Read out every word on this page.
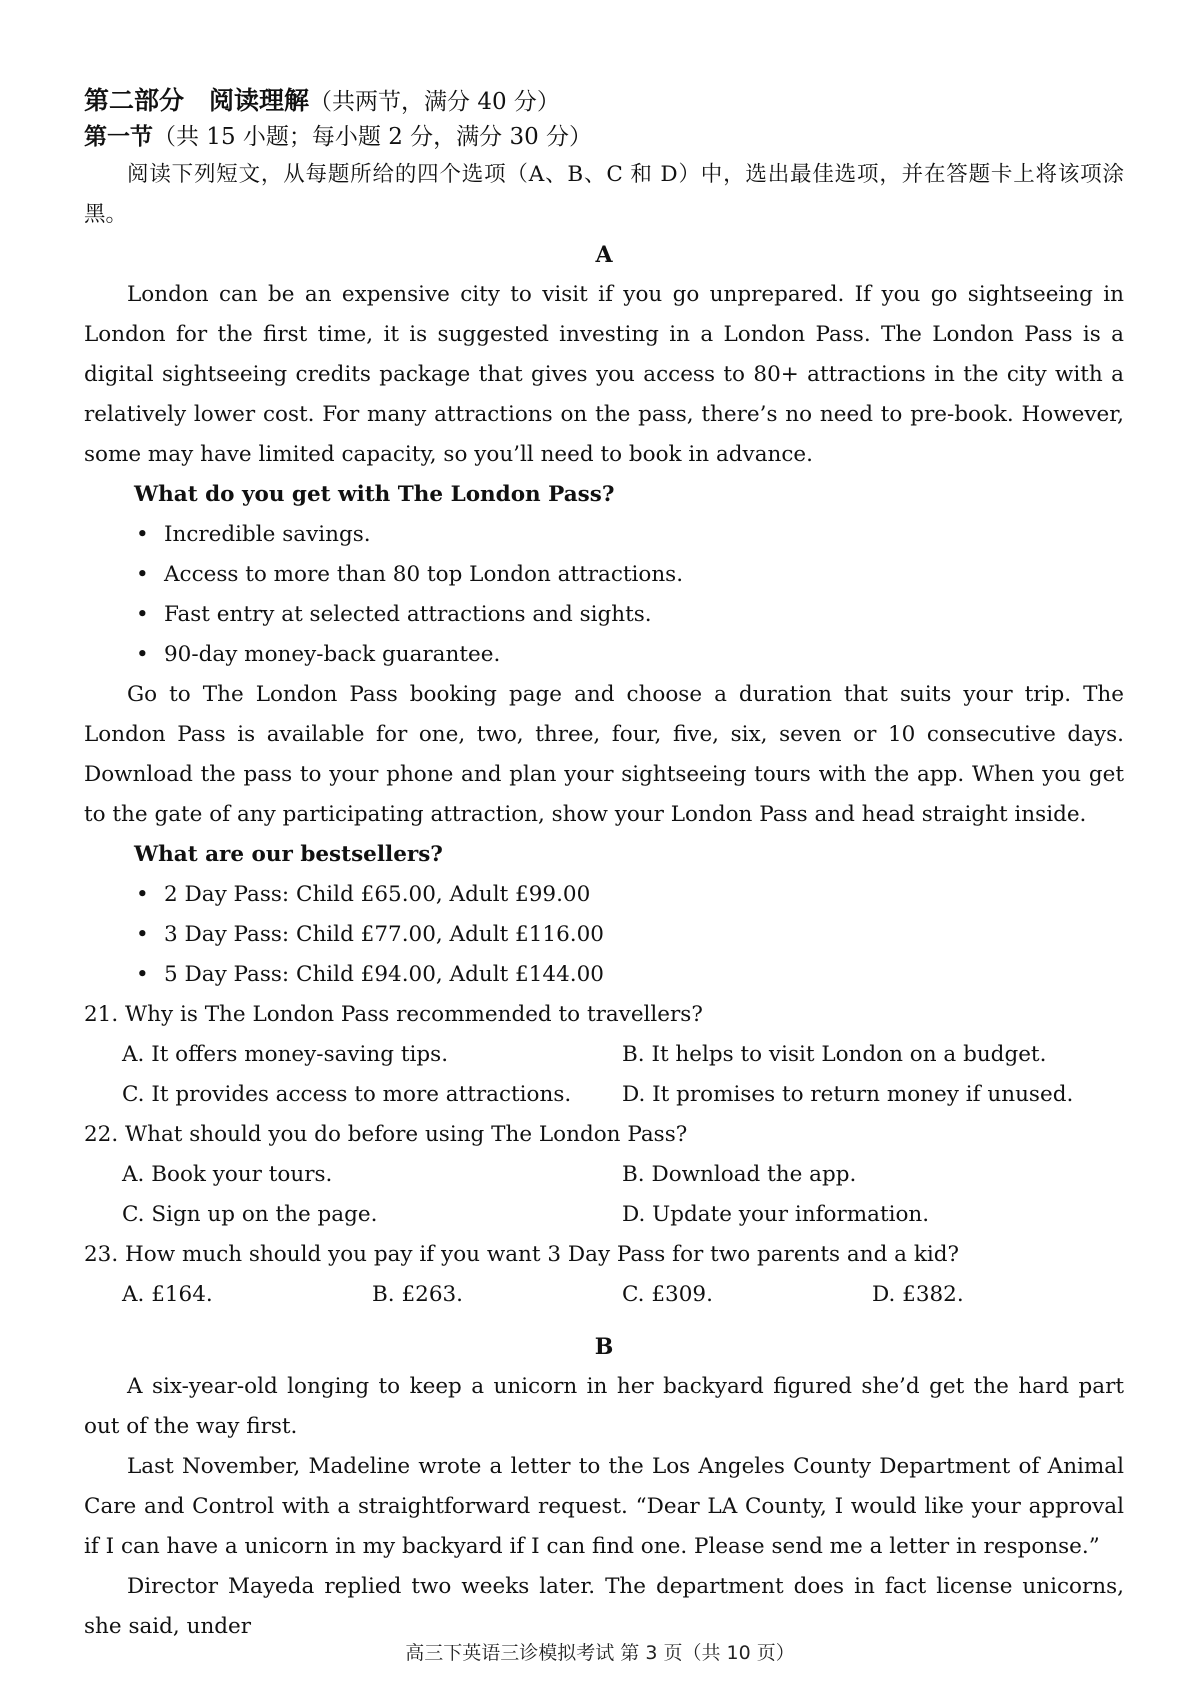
第二部分　阅读理解（共两节，满分 40 分）

第一节（共 15 小题；每小题 2 分，满分 30 分）

阅读下列短文，从每题所给的四个选项（A、B、C 和 D）中，选出最佳选项，并在答题卡上将该项涂黑。

A

London can be an expensive city to visit if you go unprepared. If you go sightseeing in London for the first time, it is suggested investing in a London Pass. The London Pass is a digital sightseeing credits package that gives you access to 80+ attractions in the city with a relatively lower cost. For many attractions on the pass, there’s no need to pre-book. However, some may have limited capacity, so you’ll need to book in advance.

What do you get with The London Pass?

• Incredible savings.
• Access to more than 80 top London attractions.
• Fast entry at selected attractions and sights.
• 90-day money-back guarantee.

Go to The London Pass booking page and choose a duration that suits your trip. The London Pass is available for one, two, three, four, five, six, seven or 10 consecutive days. Download the pass to your phone and plan your sightseeing tours with the app. When you get to the gate of any participating attraction, show your London Pass and head straight inside.

What are our bestsellers?

• 2 Day Pass: Child £65.00, Adult £99.00
• 3 Day Pass: Child £77.00, Adult £116.00
• 5 Day Pass: Child £94.00, Adult £144.00

21. Why is The London Pass recommended to travellers?

A. It offers money-saving tips.	B. It helps to visit London on a budget.
C. It provides access to more attractions.	D. It promises to return money if unused.

22. What should you do before using The London Pass?

A. Book your tours.	B. Download the app.
C. Sign up on the page.	D. Update your information.

23. How much should you pay if you want 3 Day Pass for two parents and a kid?

A. £164.	B. £263.	C. £309.	D. £382.

B

A six-year-old longing to keep a unicorn in her backyard figured she’d get the hard part out of the way first.

Last November, Madeline wrote a letter to the Los Angeles County Department of Animal Care and Control with a straightforward request. “Dear LA County, I would like your approval if I can have a unicorn in my backyard if I can find one. Please send me a letter in response.”

Director Mayeda replied two weeks later. The department does in fact license unicorns, she said, under

高三下英语三诊模拟考试 第 3 页（共 10 页）
